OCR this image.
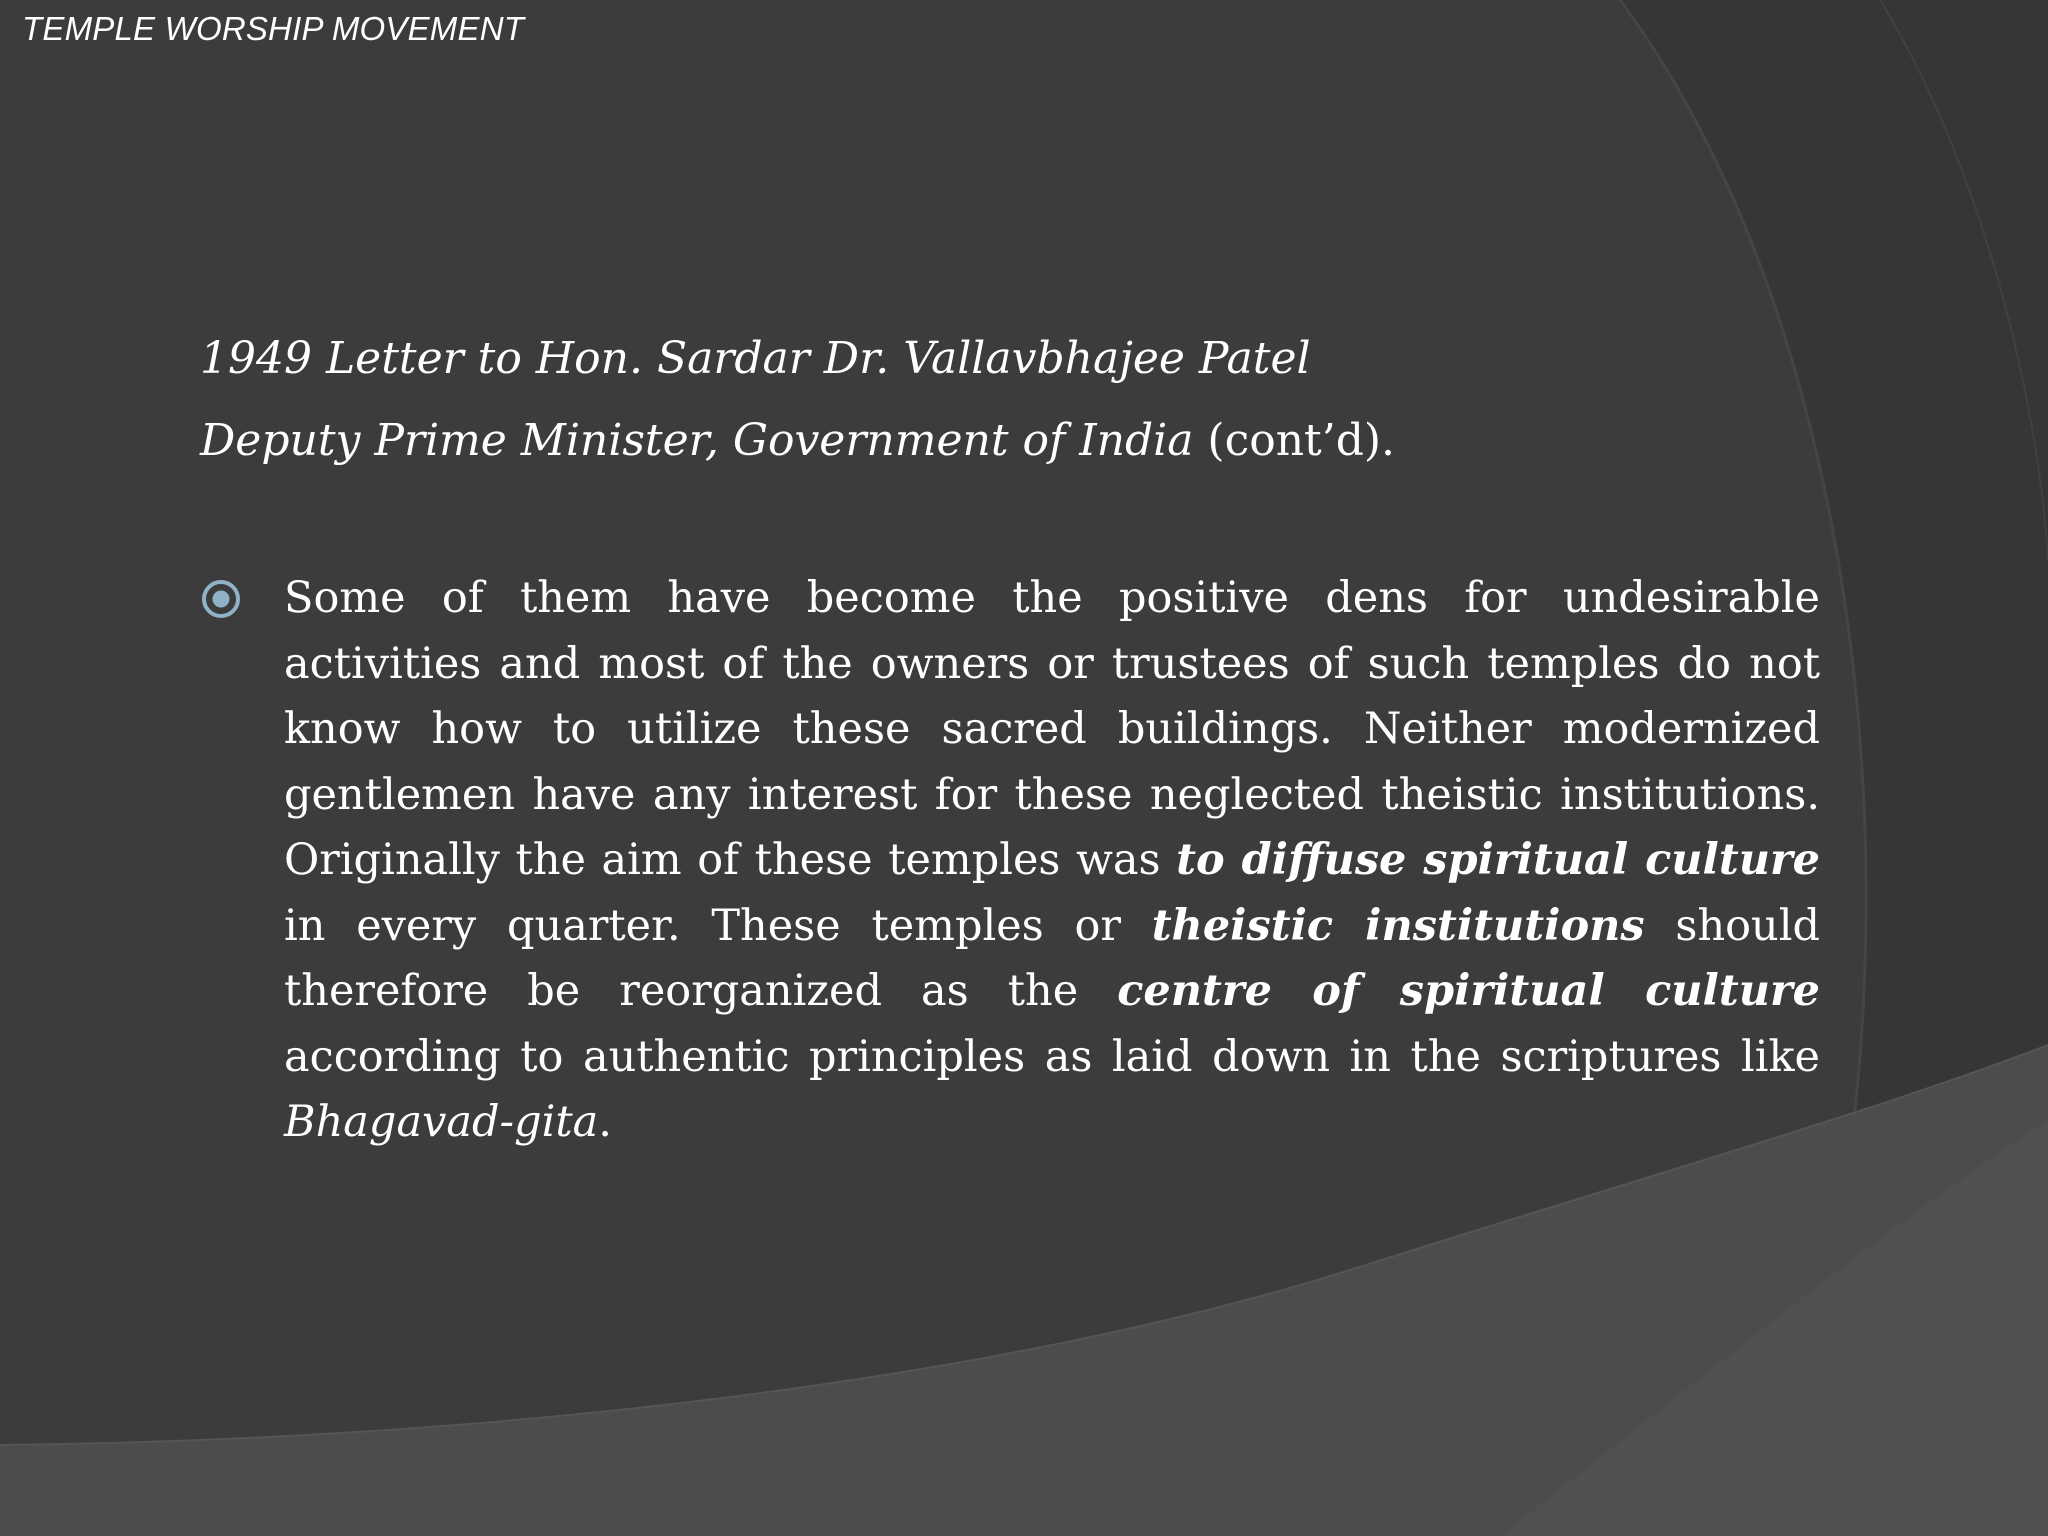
TEMPLE WORSHIP MOVEMENT
1949 Letter to Hon. Sardar Dr. Vallavbhajee Patel
Deputy Prime Minister, Government of India (cont’d).
Some of them have become the positive dens for undesirable activities and most of the owners or trustees of such temples do not know how to utilize these sacred buildings. Neither modernized gentlemen have any interest for these neglected theistic institutions. Originally the aim of these temples was to diffuse spiritual culture in every quarter. These temples or theistic institutions should therefore be reorganized as the centre of spiritual culture according to authentic principles as laid down in the scriptures like Bhagavad-gita.
